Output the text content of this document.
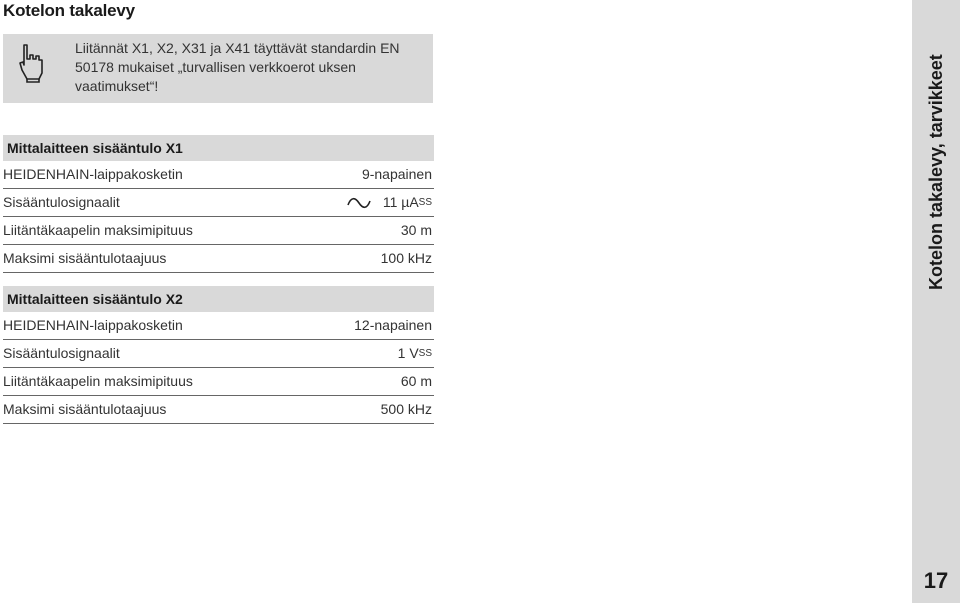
Kotelon takalevy
Liitännät X1, X2, X31 ja X41 täyttävät standardin EN 50178 mukaiset „turvallisen verkkoerot uksen vaatimukset“!
Mittalaitteen sisääntulo X1
HEIDENHAIN-laippakosketin	9-napainen
Sisääntulosignaalit	11 µA SS
Liitäntäkaapelin maksimipituus	30 m
Maksimi sisääntulotaajuus	100 kHz
Mittalaitteen sisääntulo X2
HEIDENHAIN-laippakosketin	12-napainen
Sisääntulosignaalit	1 V SS
Liitäntäkaapelin maksimipituus	60 m
Maksimi sisääntulotaajuus	500 kHz
Kotelon takalevy, tarvikkeet
17
